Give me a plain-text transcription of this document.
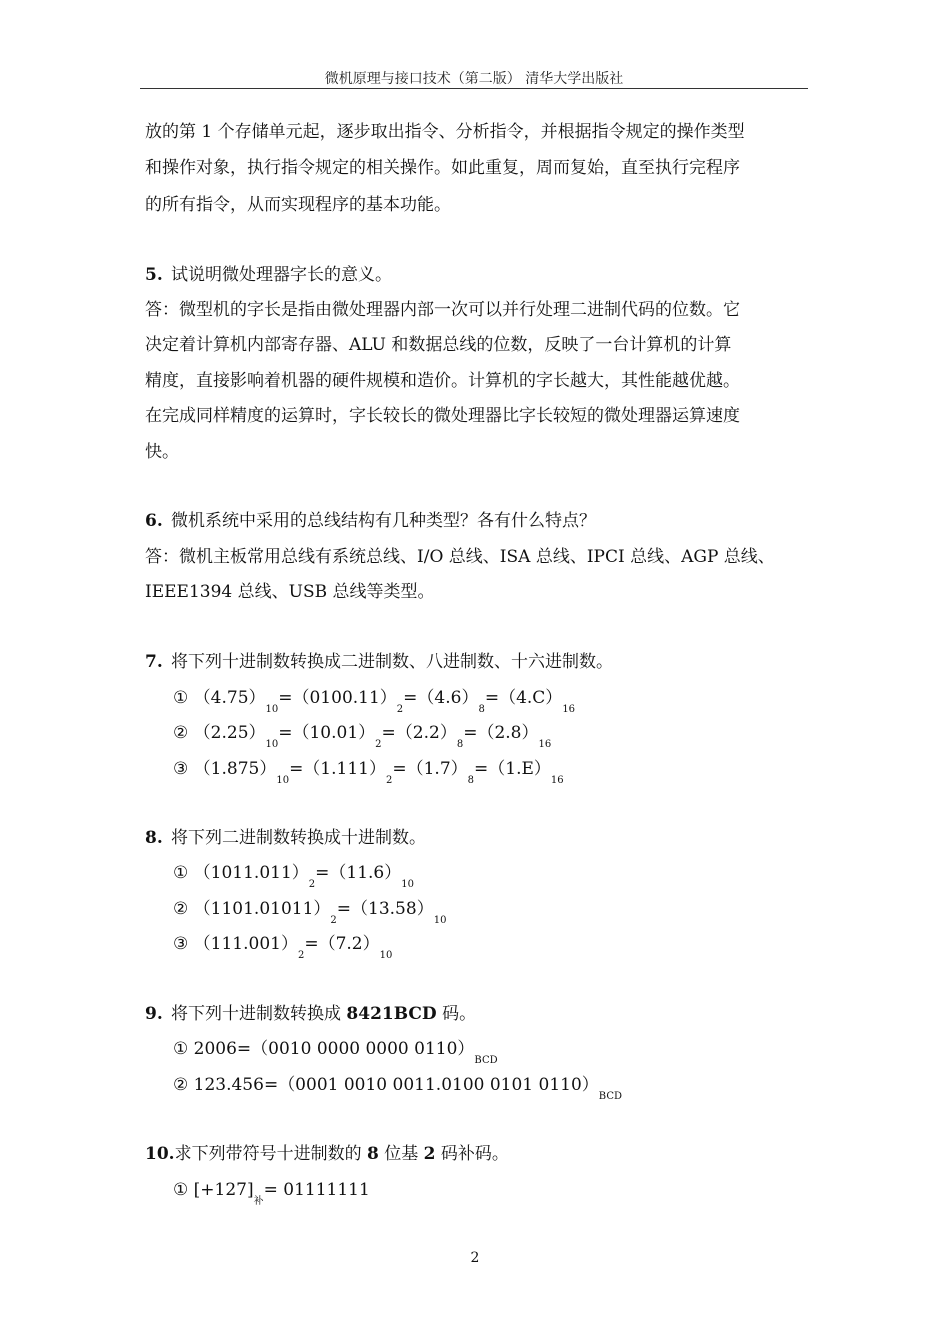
微机原理与接口技术（第二版） 清华大学出版社
放的第 1 个存储单元起，逐步取出指令、分析指令，并根据指令规定的操作类型
和操作对象，执行指令规定的相关操作。如此重复，周而复始，直至执行完程序
的所有指令，从而实现程序的基本功能。
5. 试说明微处理器字长的意义。
答：微型机的字长是指由微处理器内部一次可以并行处理二进制代码的位数。它
决定着计算机内部寄存器、ALU 和数据总线的位数，反映了一台计算机的计算
精度，直接影响着机器的硬件规模和造价。计算机的字长越大，其性能越优越。
在完成同样精度的运算时，字长较长的微处理器比字长较短的微处理器运算速度
快。
6. 微机系统中采用的总线结构有几种类型？各有什么特点？
答：微机主板常用总线有系统总线、I/O 总线、ISA 总线、IPCI 总线、AGP 总线、
IEEE1394 总线、USB 总线等类型。
7. 将下列十进制数转换成二进制数、八进制数、十六进制数。
① $(4.75)_{10}=(0100.11)_2=(4.6)_8=(4.C)_{16}$
② $(2.25)_{10}=(10.01)_2=(2.2)_8=(2.8)_{16}$
③ $(1.875)_{10}=(1.111)_2=(1.7)_8=(1.E)_{16}$
8. 将下列二进制数转换成十进制数。
① $(1011.011)_2=(11.6)_{10}$
② $(1101.01011)_2=(13.58)_{10}$
③ $(111.001)_2=(7.2)_{10}$
9. 将下列十进制数转换成 8421BCD 码。
① 2006=（0010 0000 0000 $0110)_{BCD}$
② 123.456=（0001 0010 0011.0100 0101 $0110)_{BCD}$
10.求下列带符号十进制数的 8 位基 2 码补码。
① $[+127]_补= 01111111$
2
